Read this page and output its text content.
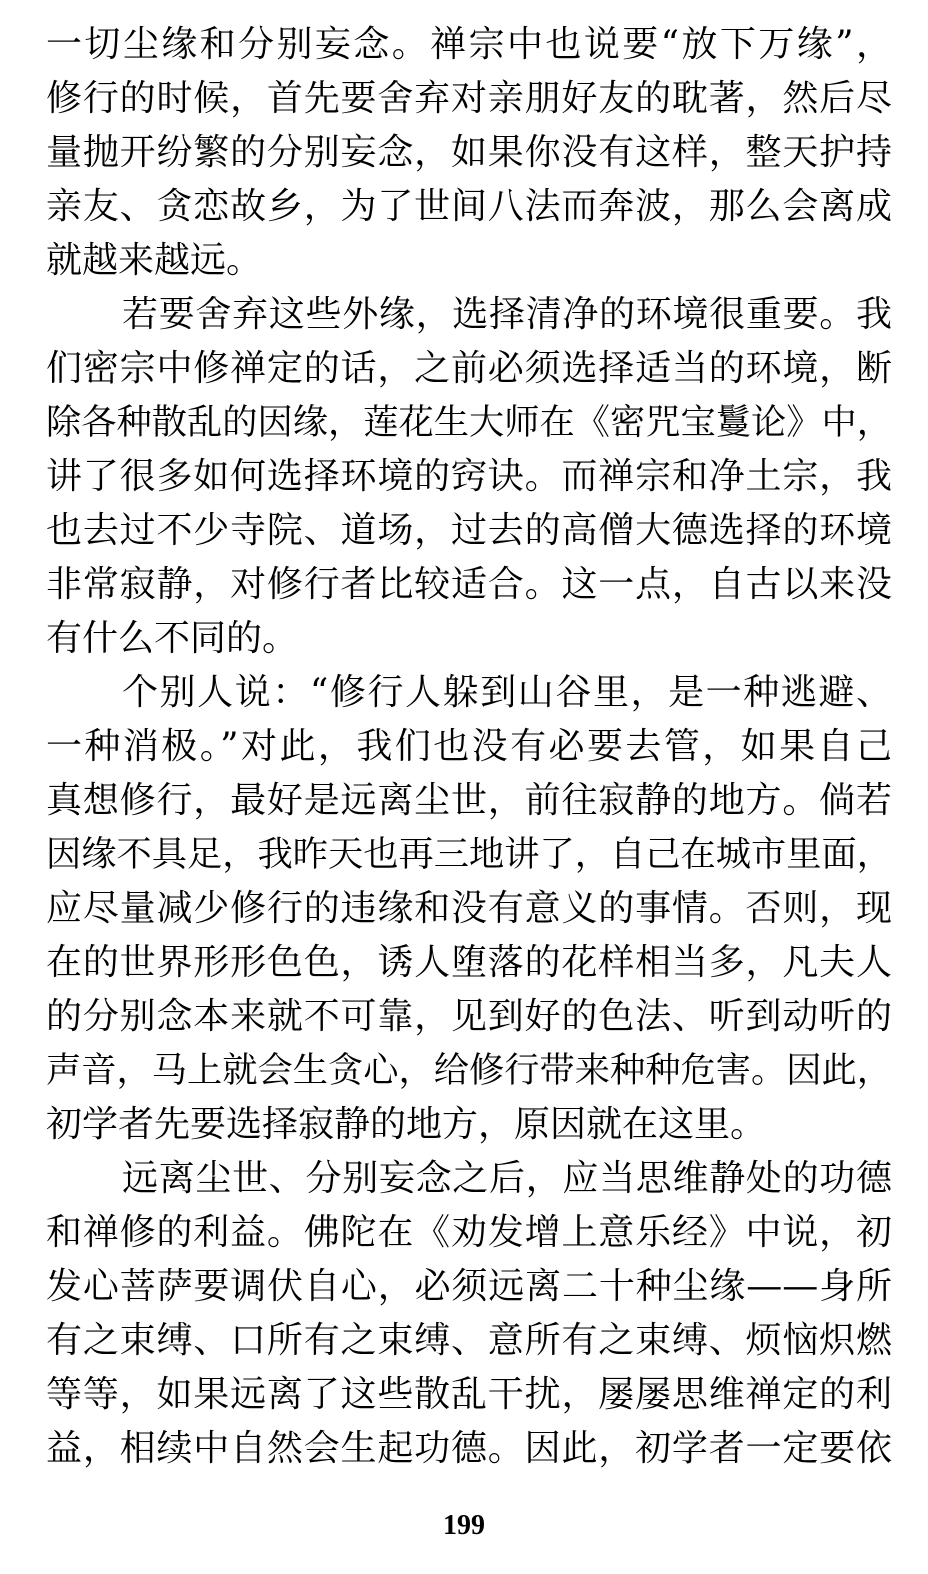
一切尘缘和分别妄念。禅宗中也说要“放下万缘”，
修行的时候，首先要舍弃对亲朋好友的耽著，然后尽
量抛开纷繁的分别妄念，如果你没有这样，整天护持
亲友、贪恋故乡，为了世间八法而奔波，那么会离成
就越来越远。
若要舍弃这些外缘，选择清净的环境很重要。我
们密宗中修禅定的话，之前必须选择适当的环境，断
除各种散乱的因缘，莲花生大师在《密咒宝鬘论》中，
讲了很多如何选择环境的窍诀。而禅宗和净土宗，我
也去过不少寺院、道场，过去的高僧大德选择的环境
非常寂静，对修行者比较适合。这一点，自古以来没
有什么不同的。
个别人说：“修行人躲到山谷里，是一种逃避、
一种消极。”对此，我们也没有必要去管，如果自己
真想修行，最好是远离尘世，前往寂静的地方。倘若
因缘不具足，我昨天也再三地讲了，自己在城市里面，
应尽量减少修行的违缘和没有意义的事情。否则，现
在的世界形形色色，诱人堕落的花样相当多，凡夫人
的分别念本来就不可靠，见到好的色法、听到动听的
声音，马上就会生贪心，给修行带来种种危害。因此，
初学者先要选择寂静的地方，原因就在这里。
远离尘世、分别妄念之后，应当思维静处的功德
和禅修的利益。佛陀在《劝发增上意乐经》中说，初
发心菩萨要调伏自心，必须远离二十种尘缘——身所
有之束缚、口所有之束缚、意所有之束缚、烦恼炽燃
等等，如果远离了这些散乱干扰，屡屡思维禅定的利
益，相续中自然会生起功德。因此，初学者一定要依
199
